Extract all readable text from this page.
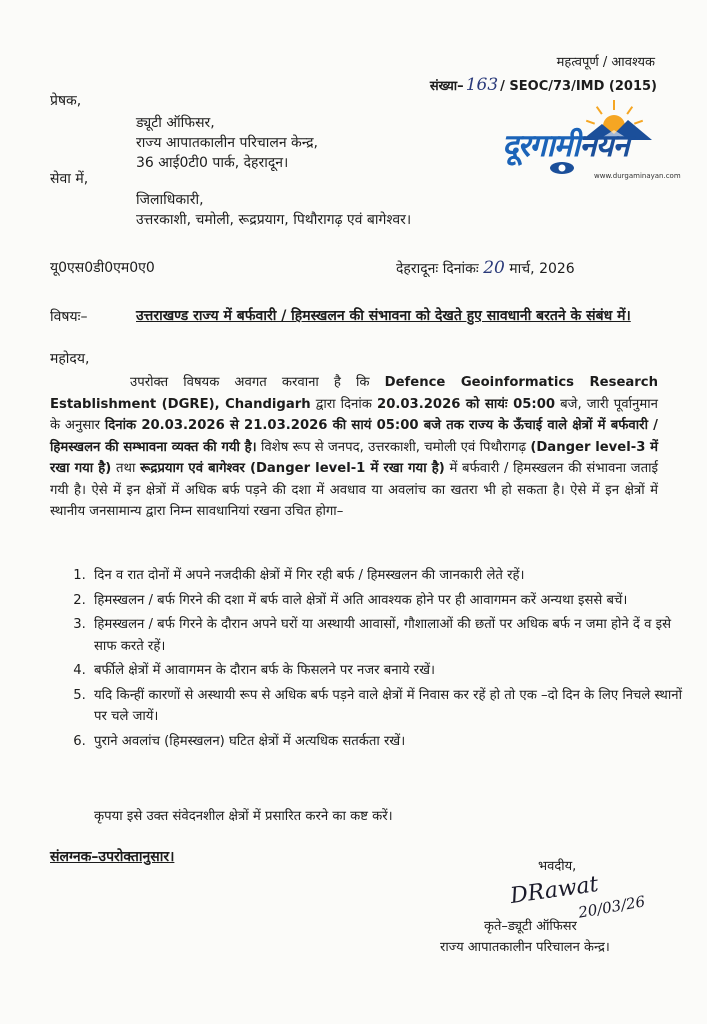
महत्वपूर्ण / आवश्यक
संख्या– 163 / SEOC/73/IMD (2015)
दूरगामीनयन
www.durgaminayan.com
प्रेषक,
ड्यूटी ऑफिसर,
राज्य आपातकालीन परिचालन केन्द्र,
36 आई0टी0 पार्क, देहरादून।
सेवा में,
जिलाधिकारी,
उत्तरकाशी, चमोली, रूद्रप्रयाग, पिथौरागढ़ एवं बागेश्वर।
यू0एस0डी0एम0ए0	देहरादूनः दिनांकः 20 मार्च, 2026
विषयः–	उत्तराखण्ड राज्य में बर्फवारी / हिमस्खलन की संभावना को देखते हुए सावधानी बरतने के संबंध में।
महोदय,
उपरोक्त विषयक अवगत करवाना है कि Defence Geoinformatics Research Establishment (DGRE), Chandigarh द्वारा दिनांक 20.03.2026 को सायंः 05:00 बजे, जारी पूर्वानुमान के अनुसार दिनांक 20.03.2026 से 21.03.2026 की सायं 05:00 बजे तक राज्य के ऊँचाई वाले क्षेत्रों में बर्फवारी / हिमस्खलन की सम्भावना व्यक्त की गयी है। विशेष रूप से जनपद, उत्तरकाशी, चमोली एवं पिथौरागढ़ (Danger level-3 में रखा गया है) तथा रूद्रप्रयाग एवं बागेश्वर (Danger level-1 में रखा गया है) में बर्फवारी / हिमस्खलन की संभावना जताई गयी है। ऐसे में इन क्षेत्रों में अधिक बर्फ पड़ने की दशा में अवधाव या अवलांच का खतरा भी हो सकता है। ऐसे में इन क्षेत्रों में स्थानीय जनसामान्य द्वारा निम्न सावधानियां रखना उचित होगा–
1. दिन व रात दोनों में अपने नजदीकी क्षेत्रों में गिर रही बर्फ / हिमस्खलन की जानकारी लेते रहें।
2. हिमस्खलन / बर्फ गिरने की दशा में बर्फ वाले क्षेत्रों में अति आवश्यक होने पर ही आवागमन करें अन्यथा इससे बचें।
3. हिमस्खलन / बर्फ गिरने के दौरान अपने घरों या अस्थायी आवासों, गौशालाओं की छतों पर अधिक बर्फ न जमा होने दें व इसे साफ करते रहें।
4. बर्फीले क्षेत्रों में आवागमन के दौरान बर्फ के फिसलने पर नजर बनाये रखें।
5. यदि किन्हीं कारणों से अस्थायी रूप से अधिक बर्फ पड़ने वाले क्षेत्रों में निवास कर रहें हो तो एक –दो दिन के लिए निचले स्थानों पर चले जायें।
6. पुराने अवलांच (हिमस्खलन) घटित क्षेत्रों में अत्यधिक सतर्कता रखें।
कृपया इसे उक्त संवेदनशील क्षेत्रों में प्रसारित करने का कष्ट करें।
संलग्नक–उपरोक्तानुसार।
भवदीय,
DRawat
20/03/26
कृते–ड्यूटी ऑफिसर
राज्य आपातकालीन परिचालन केन्द्र।
